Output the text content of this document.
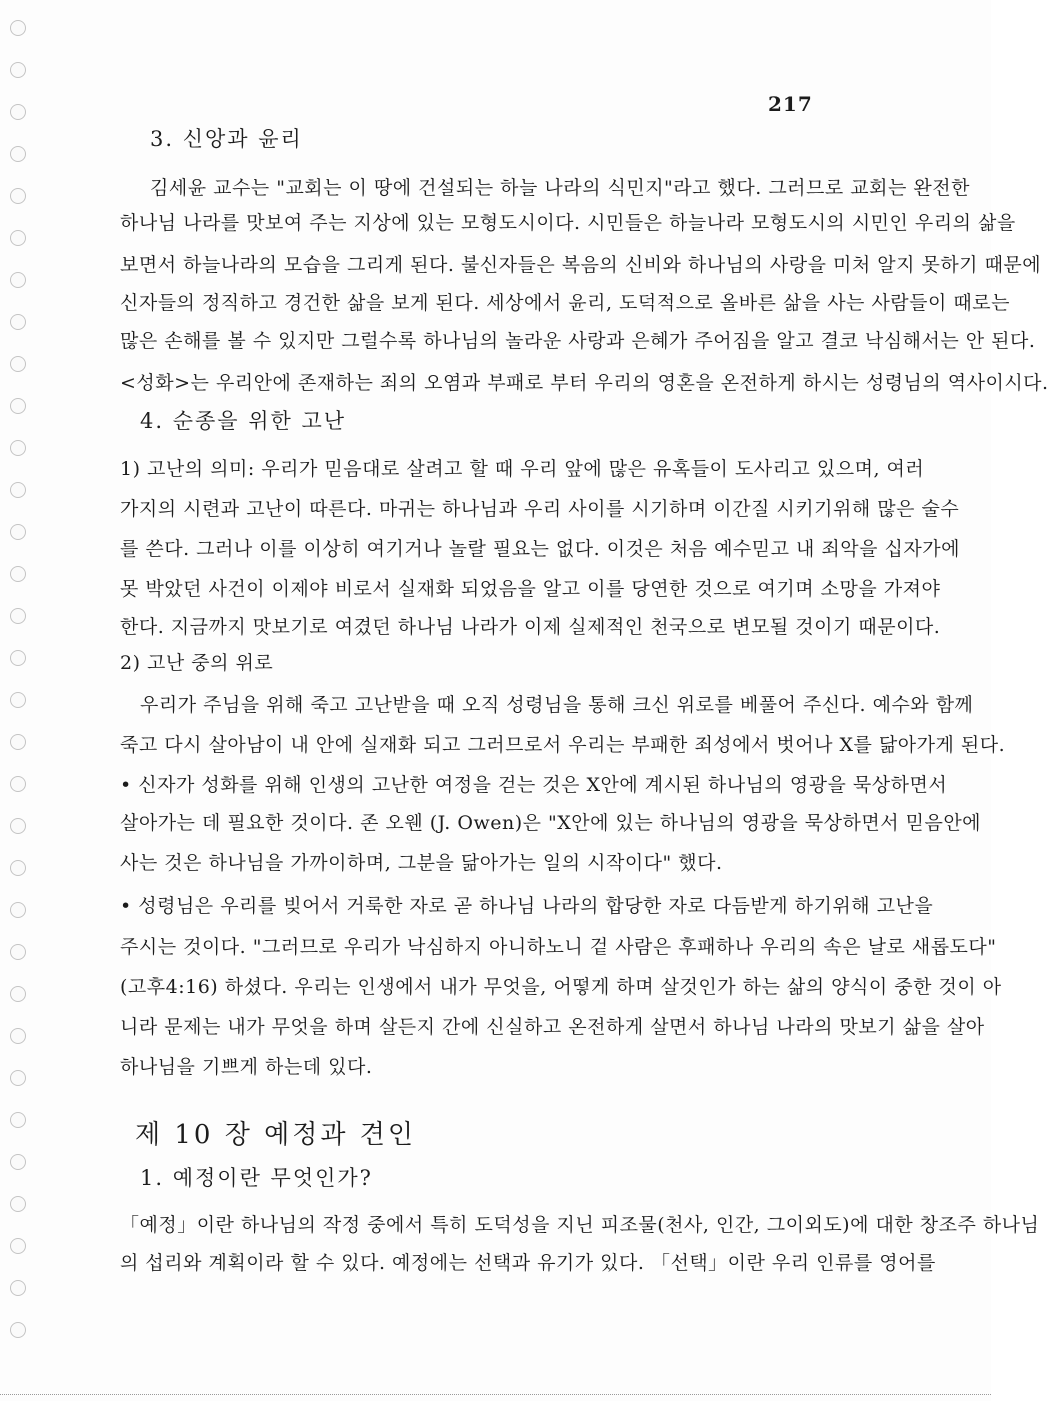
217
3. 신앙과 윤리
김세윤 교수는 "교회는 이 땅에 건설되는 하늘 나라의 식민지"라고 했다. 그러므로 교회는 완전한
하나님 나라를 맛보여 주는 지상에 있는 모형도시이다. 시민들은 하늘나라 모형도시의 시민인 우리의 삶을
보면서 하늘나라의 모습을 그리게 된다. 불신자들은 복음의 신비와 하나님의 사랑을 미처 알지 못하기 때문에
신자들의 정직하고 경건한 삶을 보게 된다. 세상에서 윤리, 도덕적으로 올바른 삶을 사는 사람들이 때로는
많은 손해를 볼 수 있지만 그럴수록 하나님의 놀라운 사랑과 은혜가 주어짐을 알고 결코 낙심해서는 안 된다.
<성화>는 우리안에 존재하는 죄의 오염과 부패로 부터 우리의 영혼을 온전하게 하시는 성령님의 역사이시다.
4. 순종을 위한 고난
1) 고난의 의미: 우리가 믿음대로 살려고 할 때 우리 앞에 많은 유혹들이 도사리고 있으며, 여러
가지의 시련과 고난이 따른다. 마귀는 하나님과 우리 사이를 시기하며 이간질 시키기위해 많은 술수
를 쓴다. 그러나 이를 이상히 여기거나 놀랄 필요는 없다. 이것은 처음 예수믿고 내 죄악을 십자가에
못 박았던 사건이 이제야 비로서 실재화 되었음을 알고 이를 당연한 것으로 여기며 소망을 가져야
한다. 지금까지 맛보기로 여겼던 하나님 나라가 이제 실제적인 천국으로 변모될 것이기 때문이다.
2) 고난 중의 위로
우리가 주님을 위해 죽고 고난받을 때 오직 성령님을 통해 크신 위로를 베풀어 주신다. 예수와 함께
죽고 다시 살아남이 내 안에 실재화 되고 그러므로서 우리는 부패한 죄성에서 벗어나 X를 닮아가게 된다.
• 신자가 성화를 위해 인생의 고난한 여정을 걷는 것은 X안에 계시된 하나님의 영광을 묵상하면서
살아가는 데 필요한 것이다. 존 오웬 (J. Owen)은 "X안에 있는 하나님의 영광을 묵상하면서 믿음안에
사는 것은 하나님을 가까이하며, 그분을 닮아가는 일의 시작이다" 했다.
• 성령님은 우리를 빚어서 거룩한 자로 곧 하나님 나라의 합당한 자로 다듬받게 하기위해 고난을
주시는 것이다. "그러므로 우리가 낙심하지 아니하노니 겉 사람은 후패하나 우리의 속은 날로 새롭도다"
(고후4:16) 하셨다. 우리는 인생에서 내가 무엇을, 어떻게 하며 살것인가 하는 삶의 양식이 중한 것이 아
니라 문제는 내가 무엇을 하며 살든지 간에 신실하고 온전하게 살면서 하나님 나라의 맛보기 삶을 살아
하나님을 기쁘게 하는데 있다.
제 10 장 예정과 견인
1. 예정이란 무엇인가?
「예정」이란 하나님의 작정 중에서 특히 도덕성을 지닌 피조물(천사, 인간, 그이외도)에 대한 창조주 하나님
의 섭리와 계획이라 할 수 있다. 예정에는 선택과 유기가 있다. 「선택」이란 우리 인류를 영어를
